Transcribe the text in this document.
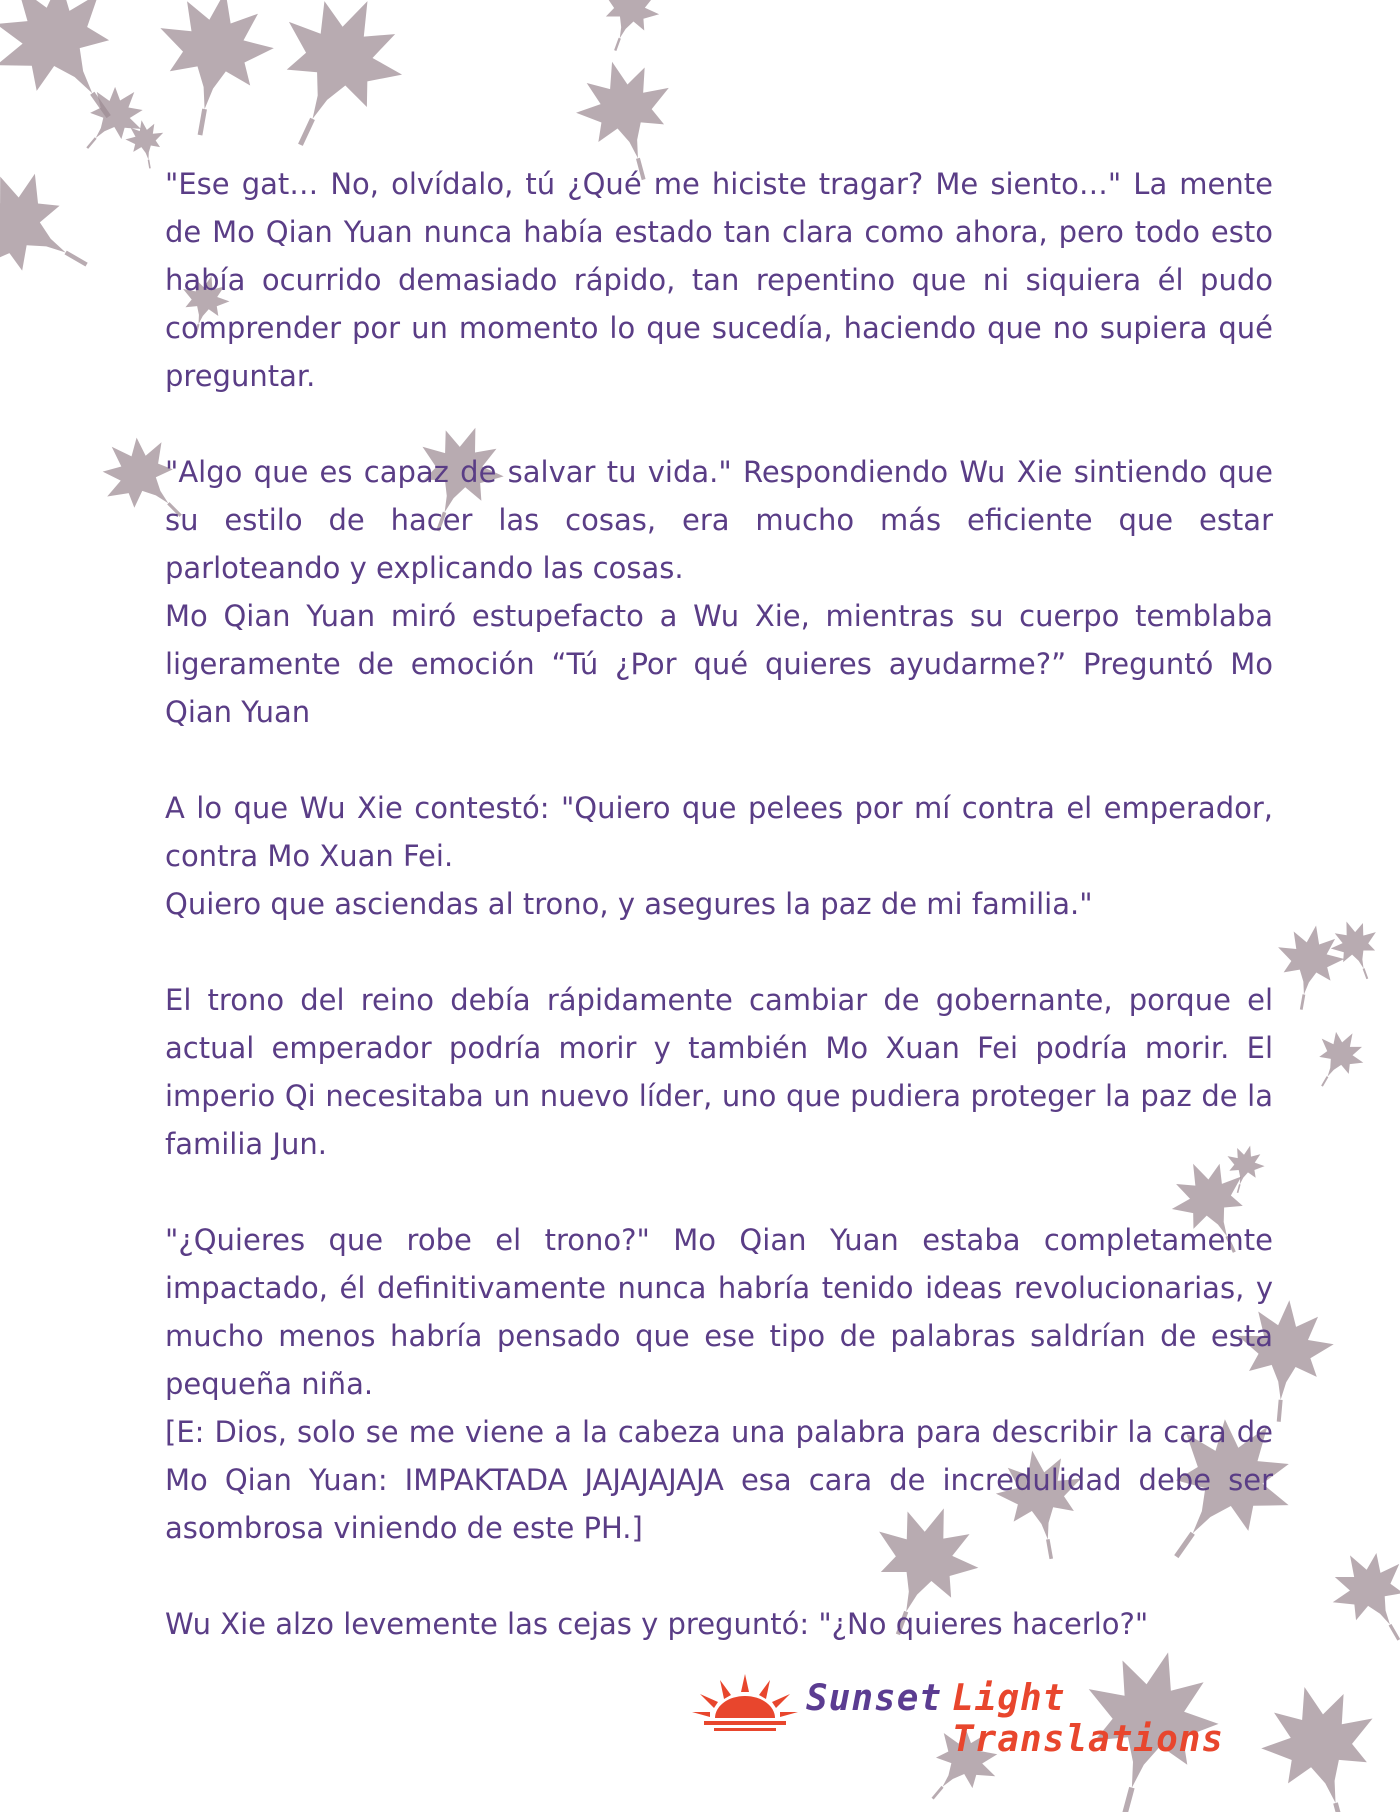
"Ese gat… No, olvídalo, tú ¿Qué me hiciste tragar? Me siento…" La mente de Mo Qian Yuan nunca había estado tan clara como ahora, pero todo esto había ocurrido demasiado rápido, tan repentino que ni siquiera él pudo comprender por un momento lo que sucedía, haciendo que no supiera qué preguntar.

"Algo que es capaz de salvar tu vida." Respondiendo Wu Xie sintiendo que su estilo de hacer las cosas, era mucho más eficiente que estar parloteando y explicando las cosas.

Mo Qian Yuan miró estupefacto a Wu Xie, mientras su cuerpo temblaba ligeramente de emoción “Tú ¿Por qué quieres ayudarme?” Preguntó Mo Qian Yuan

A lo que Wu Xie contestó: "Quiero que pelees por mí contra el emperador, contra Mo Xuan Fei.

Quiero que asciendas al trono, y asegures la paz de mi familia."

El trono del reino debía rápidamente cambiar de gobernante, porque el actual emperador podría morir y también Mo Xuan Fei podría morir. El imperio Qi necesitaba un nuevo líder, uno que pudiera proteger la paz de la familia Jun.

"¿Quieres que robe el trono?" Mo Qian Yuan estaba completamente impactado, él definitivamente nunca habría tenido ideas revolucionarias, y mucho menos habría pensado que ese tipo de palabras saldrían de esta pequeña niña.

[E: Dios, solo se me viene a la cabeza una palabra para describir la cara de Mo Qian Yuan: IMPAKTADA JAJAJAJAJA esa cara de incredulidad debe ser asombrosa viniendo de este PH.]

Wu Xie alzo levemente las cejas y preguntó: "¿No quieres hacerlo?"

Sunset Light Translations
